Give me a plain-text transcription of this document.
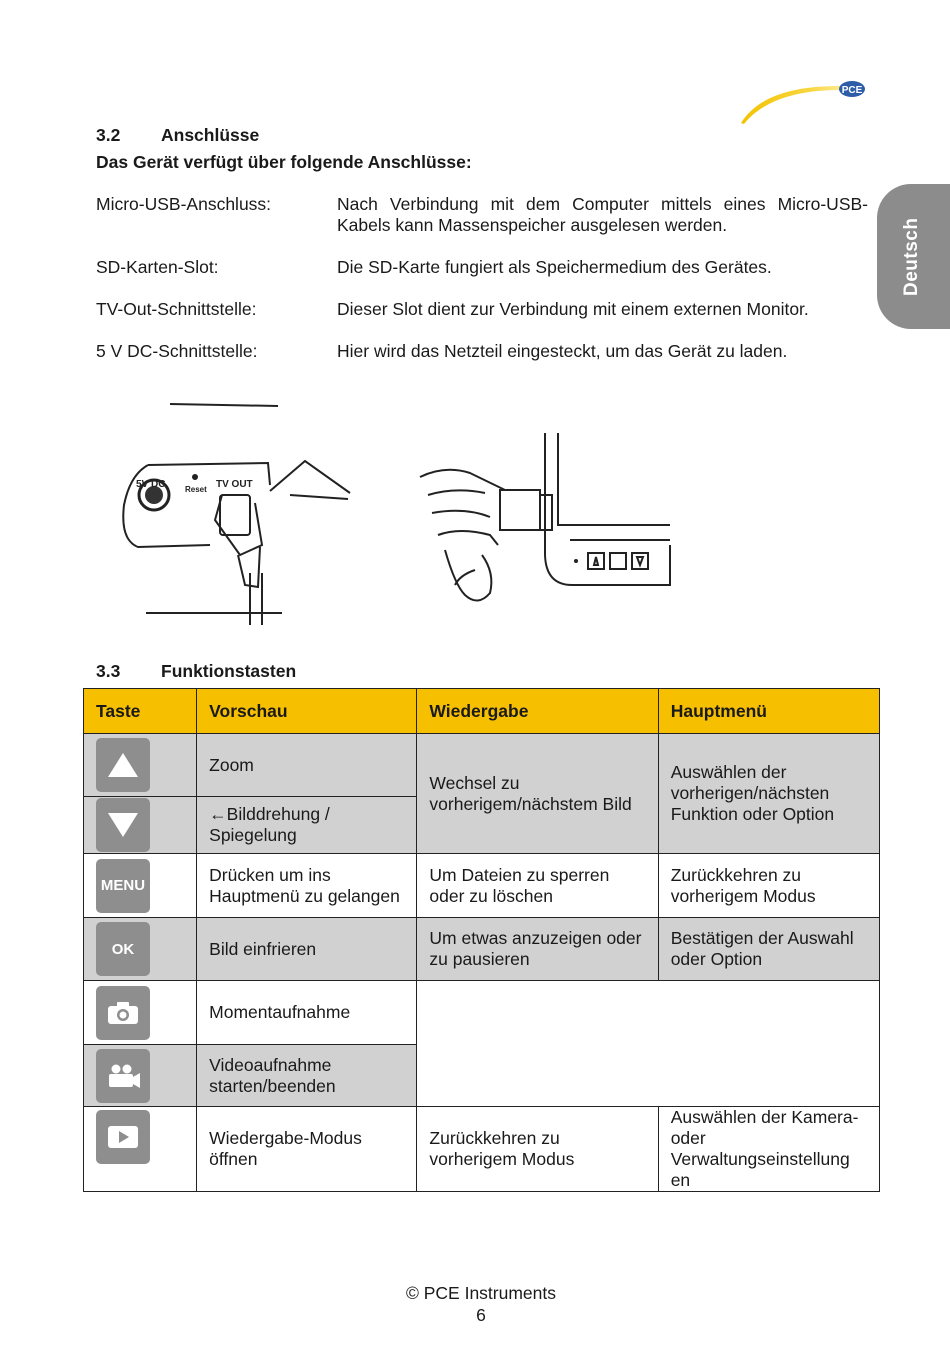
PCE
Deutsch
3.2 Anschlüsse
Das Gerät verfügt über folgende Anschlüsse:
Micro-USB-Anschluss:	Nach Verbindung mit dem Computer mittels eines Micro-USB-Kabels kann Massenspeicher ausgelesen werden.
SD-Karten-Slot:	Die SD-Karte fungiert als Speichermedium des Gerätes.
TV-Out-Schnittstelle:	Dieser Slot dient zur Verbindung mit einem externen Monitor.
5 V DC-Schnittstelle:	Hier wird das Netzteil eingesteckt, um das Gerät zu laden.
5V DC Reset TV OUT
3.3 Funktionstasten
Taste	Vorschau	Wiedergabe	Hauptmenü

	Zoom	Wechsel zu vorherigem/nächstem Bild	Auswählen der vorherigen/nächsten Funktion oder Option

	←Bilddrehung / Spiegelung		

MENU	Drücken um ins Hauptmenü zu gelangen	Um Dateien zu sperren oder zu löschen	Zurückkehren zu vorherigem Modus

OK	Bild einfrieren	Um etwas anzuzeigen oder zu pausieren	Bestätigen der Auswahl oder Option

	Momentaufnahme		

	Videoaufnahme starten/beenden		

	Wiedergabe-Modus öffnen	Zurückkehren zu vorherigem Modus	Auswählen der Kamera- oder Verwaltungseinstellung en
© PCE Instruments
6
